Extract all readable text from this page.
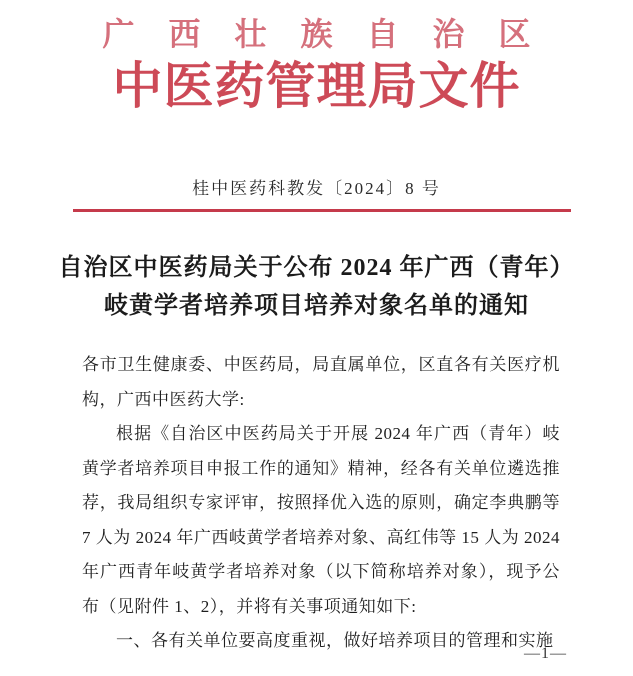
广 西 壮 族 自 治 区
中医药管理局文件
桂中医药科教发〔2024〕8 号
自治区中医药局关于公布 2024 年广西（青年）
岐黄学者培养项目培养对象名单的通知

各市卫生健康委、中医药局，局直属单位，区直各有关医疗机构，广西中医药大学:

根据《自治区中医药局关于开展 2024 年广西（青年）岐黄学者培养项目申报工作的通知》精神，经各有关单位遴选推荐，我局组织专家评审，按照择优入选的原则，确定李典鹏等 7 人为 2024 年广西岐黄学者培养对象、高红伟等 15 人为 2024 年广西青年岐黄学者培养对象（以下简称培养对象），现予公布（见附件 1、2），并将有关事项通知如下:

一、各有关单位要高度重视，做好培养项目的管理和实施

—1—
